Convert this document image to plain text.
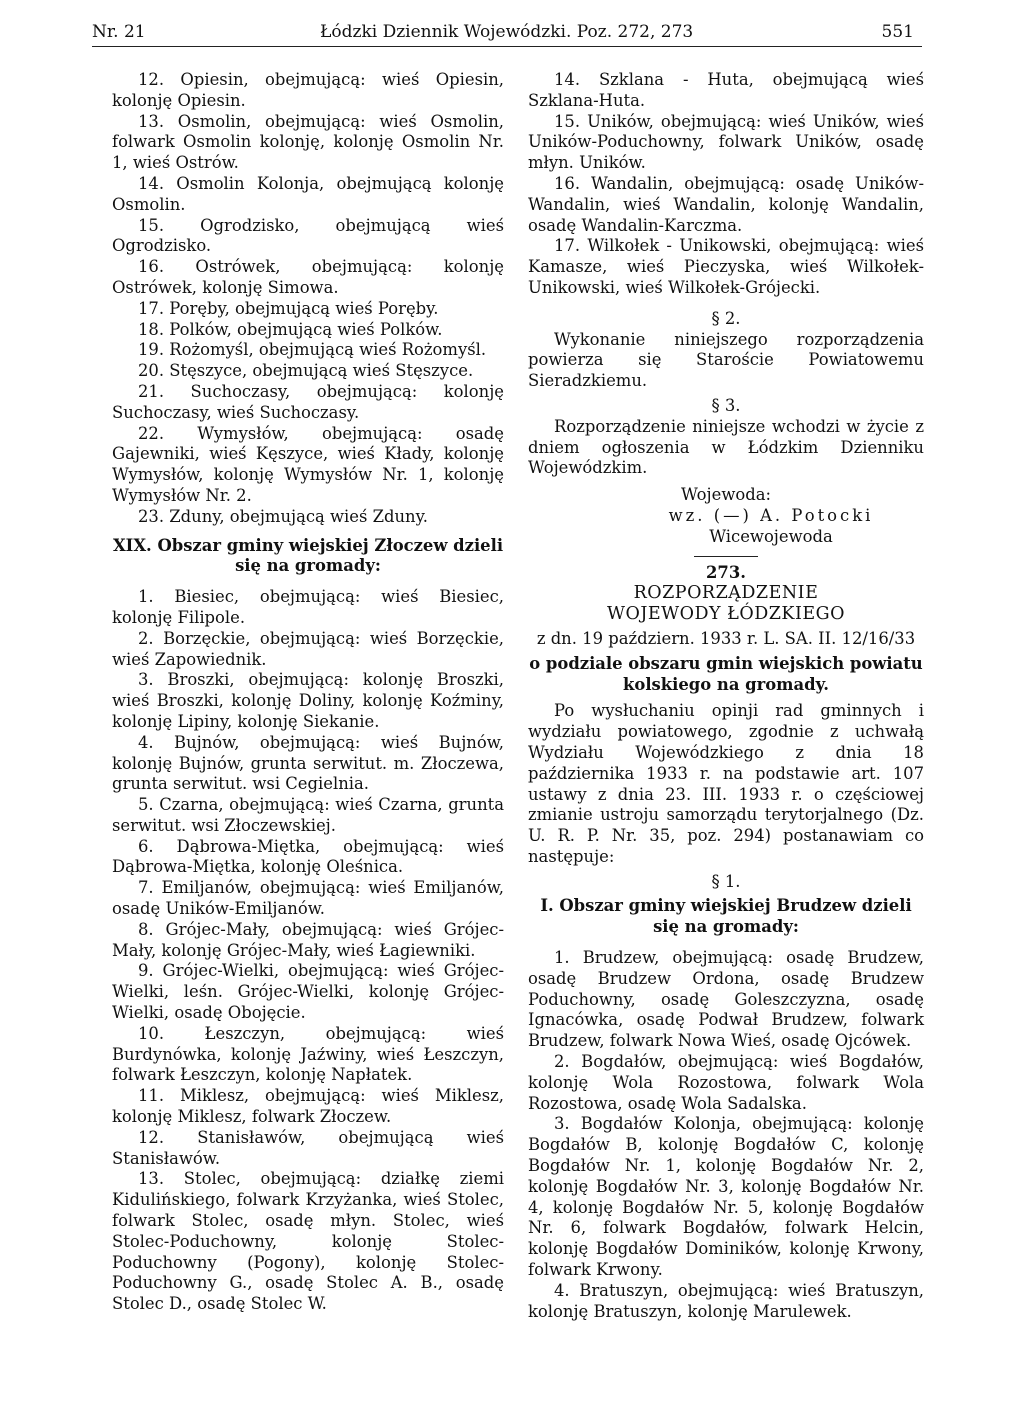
Nr. 21	Łódzki Dziennik Wojewódzki. Poz. 272, 273	551

12. Opiesin, obejmującą: wieś Opiesin, kolonję Opiesin.

13. Osmolin, obejmującą: wieś Osmolin, folwark Osmolin kolonję, kolonję Osmolin Nr. 1, wieś Ostrów.

14. Osmolin Kolonja, obejmującą kolonję Osmolin.

15. Ogrodzisko, obejmującą wieś Ogrodzisko.

16. Ostrówek, obejmującą: kolonję Ostrówek, kolonję Simowa.

17. Poręby, obejmującą wieś Poręby.

18. Polków, obejmującą wieś Polków.

19. Rożomyśl, obejmującą wieś Rożomyśl.

20. Stęszyce, obejmującą wieś Stęszyce.

21. Suchoczasy, obejmującą: kolonję Suchoczasy, wieś Suchoczasy.

22. Wymysłów, obejmującą: osadę Gajewniki, wieś Kęszyce, wieś Kłady, kolonję Wymysłów, kolonję Wymysłów Nr. 1, kolonję Wymysłów Nr. 2.

23. Zduny, obejmującą wieś Zduny.

XIX. Obszar gminy wiejskiej Złoczew dzieli się na gromady:

1. Biesiec, obejmującą: wieś Biesiec, kolonję Filipole.

2. Borzęckie, obejmującą: wieś Borzęckie, wieś Zapowiednik.

3. Broszki, obejmującą: kolonję Broszki, wieś Broszki, kolonję Doliny, kolonję Koźminy, kolonję Lipiny, kolonję Siekanie.

4. Bujnów, obejmującą: wieś Bujnów, kolonję Bujnów, grunta serwitut. m. Złoczewa, grunta serwitut. wsi Cegielnia.

5. Czarna, obejmującą: wieś Czarna, grunta serwitut. wsi Złoczewskiej.

6. Dąbrowa-Miętka, obejmującą: wieś Dąbrowa-Miętka, kolonję Oleśnica.

7. Emiljanów, obejmującą: wieś Emiljanów, osadę Uników-Emiljanów.

8. Grójec-Mały, obejmującą: wieś Grójec-Mały, kolonję Grójec-Mały, wieś Łagiewniki.

9. Grójec-Wielki, obejmującą: wieś Grójec-Wielki, leśn. Grójec-Wielki, kolonję Grójec-Wielki, osadę Obojęcie.

10. Łeszczyn, obejmującą: wieś Burdynówka, kolonję Jaźwiny, wieś Łeszczyn, folwark Łeszczyn, kolonję Napłatek.

11. Miklesz, obejmującą: wieś Miklesz, kolonję Miklesz, folwark Złoczew.

12. Stanisławów, obejmującą wieś Stanisławów.

13. Stolec, obejmującą: działkę ziemi Kidulińskiego, folwark Krzyżanka, wieś Stolec, folwark Stolec, osadę młyn. Stolec, wieś Stolec-Poduchowny, kolonję Stolec-Poduchowny (Pogony), kolonję Stolec-Poduchowny G., osadę Stolec A. B., osadę Stolec D., osadę Stolec W.

14. Szklana - Huta, obejmującą wieś Szklana-Huta.

15. Uników, obejmującą: wieś Uników, wieś Uników-Poduchowny, folwark Uników, osadę młyn. Uników.

16. Wandalin, obejmującą: osadę Uników-Wandalin, wieś Wandalin, kolonję Wandalin, osadę Wandalin-Karczma.

17. Wilkołek - Unikowski, obejmującą: wieś Kamasze, wieś Pieczyska, wieś Wilkołek-Unikowski, wieś Wilkołek-Grójecki.

§ 2.

Wykonanie niniejszego rozporządzenia powierza się Staroście Powiatowemu Sieradzkiemu.

§ 3.

Rozporządzenie niniejsze wchodzi w życie z dniem ogłoszenia w Łódzkim Dzienniku Wojewódzkim.

Wojewoda:

wz. (—) A. Potocki

Wicewojewoda

273.

ROZPORZĄDZENIE

WOJEWODY ŁÓDZKIEGO

z dn. 19 październ. 1933 r. L. SA. II. 12/16/33

o podziale obszaru gmin wiejskich powiatu kolskiego na gromady.

Po wysłuchaniu opinji rad gminnych i wydziału powiatowego, zgodnie z uchwałą Wydziału Wojewódzkiego z dnia 18 października 1933 r. na podstawie art. 107 ustawy z dnia 23. III. 1933 r. o częściowej zmianie ustroju samorządu terytorjalnego (Dz. U. R. P. Nr. 35, poz. 294) postanawiam co następuje:

§ 1.

I. Obszar gminy wiejskiej Brudzew dzieli się na gromady:

1. Brudzew, obejmującą: osadę Brudzew, osadę Brudzew Ordona, osadę Brudzew Poduchowny, osadę Goleszczyzna, osadę Ignacówka, osadę Podwał Brudzew, folwark Brudzew, folwark Nowa Wieś, osadę Ojcówek.

2. Bogdałów, obejmującą: wieś Bogdałów, kolonję Wola Rozostowa, folwark Wola Rozostowa, osadę Wola Sadalska.

3. Bogdałów Kolonja, obejmującą: kolonję Bogdałów B, kolonję Bogdałów C, kolonję Bogdałów Nr. 1, kolonję Bogdałów Nr. 2, kolonję Bogdałów Nr. 3, kolonję Bogdałów Nr. 4, kolonję Bogdałów Nr. 5, kolonję Bogdałów Nr. 6, folwark Bogdałów, folwark Helcin, kolonję Bogdałów Dominików, kolonję Krwony, folwark Krwony.

4. Bratuszyn, obejmującą: wieś Bratuszyn, kolonję Bratuszyn, kolonję Marulewek.
